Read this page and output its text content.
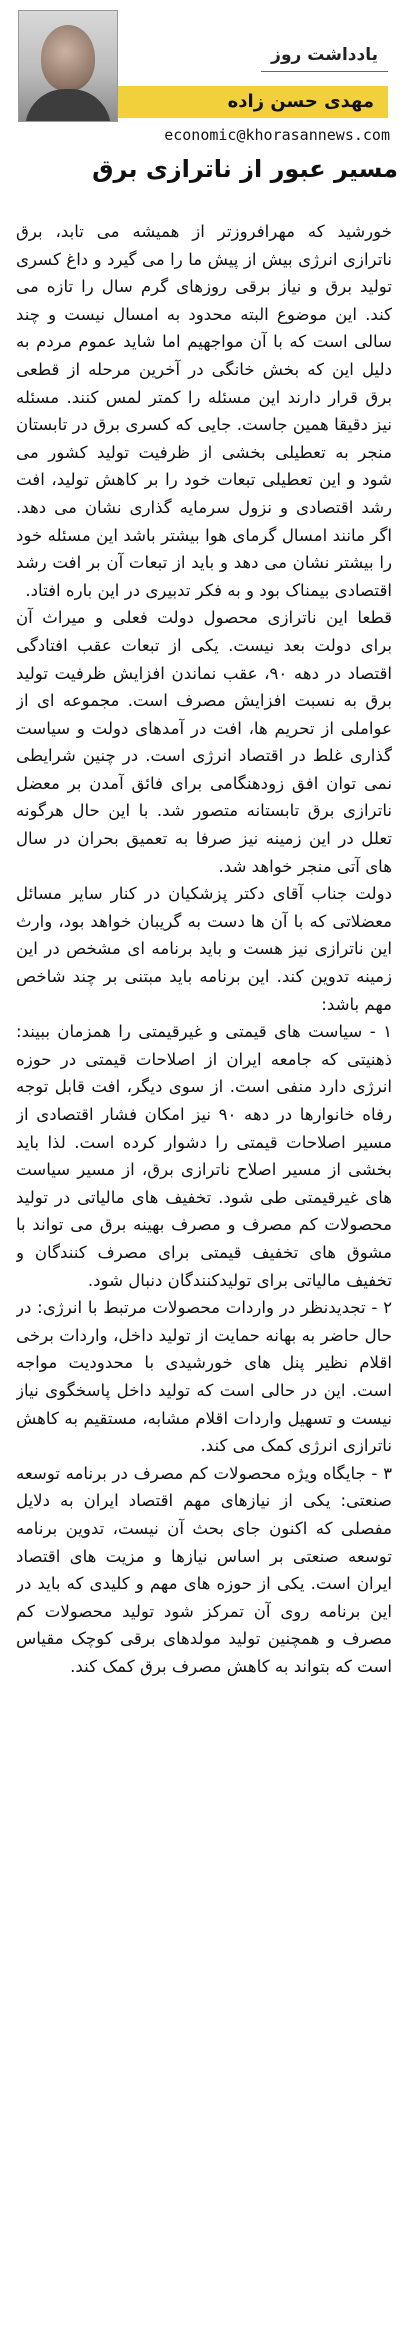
یادداشت روز
مهدی حسن زاده
economic@khorasannews.com
مسیر عبور از ناترازی برق

خورشید که مهرافروزتر از همیشه می تابد، برق ناترازی انرژی بیش از پیش ما را می گیرد و داغ کسری تولید برق و نیاز برقی روزهای گرم سال را تازه می کند. این موضوع البته محدود به امسال نیست و چند سالی است که با آن مواجهیم اما شاید عموم مردم به دلیل این که بخش خانگی در آخرین مرحله از قطعی برق قرار دارند این مسئله را کمتر لمس کنند. مسئله نیز دقیقا همین جاست. جایی که کسری برق در تابستان منجر به تعطیلی بخشی از ظرفیت تولید کشور می شود و این تعطیلی تبعات خود را بر کاهش تولید، افت رشد اقتصادی و نزول سرمایه گذاری نشان می دهد. اگر مانند امسال گرمای هوا بیشتر باشد این مسئله خود را بیشتر نشان می دهد و باید از تبعات آن بر افت رشد اقتصادی بیمناک بود و به فکر تدبیری در این باره افتاد.

قطعا این ناترازی محصول دولت فعلی و میراث آن برای دولت بعد نیست. یکی از تبعات عقب افتادگی اقتصاد در دهه ۹۰، عقب نماندن افزایش ظرفیت تولید برق به نسبت افزایش مصرف است. مجموعه ای از عواملی از تحریم ها، افت در آمدهای دولت و سیاست گذاری غلط در اقتصاد انرژی است. در چنین شرایطی نمی توان افق زودهنگامی برای فائق آمدن بر معضل ناترازی برق تابستانه متصور شد. با این حال هرگونه تعلل در این زمینه نیز صرفا به تعمیق بحران در سال های آتی منجر خواهد شد.

دولت جناب آقای دکتر پزشکیان در کنار سایر مسائل معضلاتی که با آن ها دست به گریبان خواهد بود، وارث این ناترازی نیز هست و باید برنامه ای مشخص در این زمینه تدوین کند. این برنامه باید مبتنی بر چند شاخص مهم باشد:

۱ - سیاست های قیمتی و غیرقیمتی را همزمان ببیند: ذهنیتی که جامعه ایران از اصلاحات قیمتی در حوزه انرژی دارد منفی است. از سوی دیگر، افت قابل توجه رفاه خانوارها در دهه ۹۰ نیز امکان فشار اقتصادی از مسیر اصلاحات قیمتی را دشوار کرده است. لذا باید بخشی از مسیر اصلاح ناترازی برق، از مسیر سیاست های غیرقیمتی طی شود. تخفیف های مالیاتی در تولید محصولات کم مصرف و مصرف بهینه برق می تواند با مشوق های تخفیف قیمتی برای مصرف کنندگان و تخفیف مالیاتی برای تولیدکنندگان دنبال شود.

۲ - تجدیدنظر در واردات محصولات مرتبط با انرژی: در حال حاضر به بهانه حمایت از تولید داخل، واردات برخی اقلام نظیر پنل های خورشیدی با محدودیت مواجه است. این در حالی است که تولید داخل پاسخگوی نیاز نیست و تسهیل واردات اقلام مشابه، مستقیم به کاهش ناترازی انرژی کمک می کند.

۳ - جایگاه ویژه محصولات کم مصرف در برنامه توسعه صنعتی: یکی از نیازهای مهم اقتصاد ایران به دلایل مفصلی که اکنون جای بحث آن نیست، تدوین برنامه توسعه صنعتی بر اساس نیازها و مزیت های اقتصاد ایران است. یکی از حوزه های مهم و کلیدی که باید در این برنامه روی آن تمرکز شود تولید محصولات کم مصرف و همچنین تولید مولدهای برقی کوچک مقیاس است که بتواند به کاهش مصرف برق کمک کند.
